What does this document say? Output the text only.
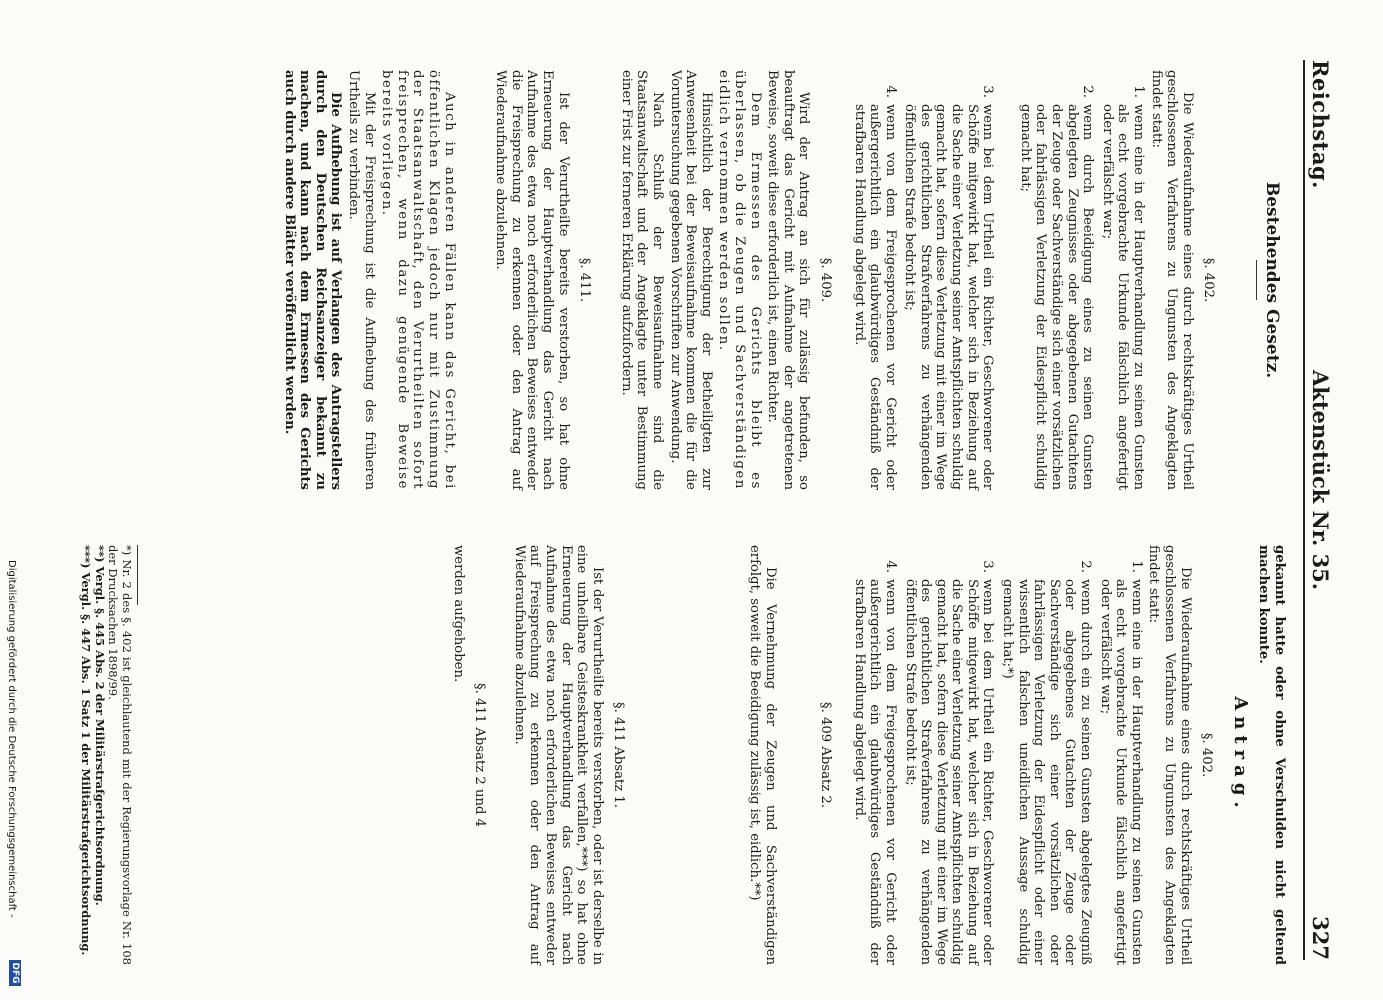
Reichstag.
Aktenstück Nr. 35.
327
Bestehendes Gesetz.
§. 402.

Die Wiederaufnahme eines durch rechtskräftiges Urtheil geschlossenen Verfahrens zu Ungunsten des Angeklagten findet statt:

1.
wenn eine in der Hauptverhandlung zu seinen Gunsten als echt vorgebrachte Urkunde fälschlich angefertigt oder verfälscht war;
2.
wenn durch Beeidigung eines zu seinen Gunsten abgelegten Zeugnisses oder abgegebenen Gutachtens der Zeuge oder Sachverständige sich einer vorsätzlichen oder fahrlässigen Verletzung der Eidespflicht schuldig gemacht hat;
3.
wenn bei dem Urtheil ein Richter, Geschworener oder Schöffe mitgewirkt hat, welcher sich in Beziehung auf die Sache einer Verletzung seiner Amtspflichten schuldig gemacht hat, sofern diese Verletzung mit einer im Wege des gerichtlichen Strafverfahrens zu verhängenden öffentlichen Strafe bedroht ist;
4.
wenn von dem Freigesprochenen vor Gericht oder außergerichtlich ein glaubwürdiges Geständniß der strafbaren Handlung abgelegt wird.
§. 409.

Wird der Antrag an sich für zulässig befunden, so beauftragt das Gericht mit Aufnahme der angetretenen Beweise, soweit diese erforderlich ist, einen Richter.

Dem Ermessen des Gerichts bleibt es überlassen, ob die Zeugen und Sachverständigen eidlich vernommen werden sollen.

Hinsichtlich der Berechtigung der Betheiligten zur Anwesenheit bei der Beweisaufnahme kommen die für die Voruntersuchung gegebenen Vorschriften zur Anwendung.

Nach Schluß der Beweisaufnahme sind die Staatsanwaltschaft und der Angeklagte unter Bestimmung einer Frist zur ferneren Erklärung aufzufordern.

§. 411.

Ist der Verurtheilte bereits verstorben, so hat ohne Erneuerung der Hauptverhandlung das Gericht nach Aufnahme des etwa noch erforderlichen Beweises entweder die Freisprechung zu erkennen oder den Antrag auf Wiederaufnahme abzulehnen.

Auch in anderen Fällen kann das Gericht, bei öffentlichen Klagen jedoch nur mit Zustimmung der Staatsanwaltschaft, den Verurtheilten sofort freisprechen, wenn dazu genügende Beweise bereits vorliegen.

Mit der Freisprechung ist die Aufhebung des früheren Urtheils zu verbinden.

Die Aufhebung ist auf Verlangen des Antragstellers durch den Deutschen Reichsanzeiger bekannt zu machen, und kann nach dem Ermessen des Gerichts auch durch andere Blätter veröffentlicht werden.

gekannt hatte oder ohne Verschulden nicht geltend machen konnte.

Antrag.
§. 402.

Die Wiederaufnahme eines durch rechtskräftiges Urtheil geschlossenen Verfahrens zu Ungunsten des Angeklagten findet statt:

1.
wenn eine in der Hauptverhandlung zu seinen Gunsten als echt vorgebrachte Urkunde fälschlich angefertigt oder verfälscht war;
2.
wenn durch ein zu seinen Gunsten abgelegtes Zeugniß oder abgegebenes Gutachten der Zeuge oder Sachverständige sich einer vorsätzlichen oder fahrlässigen Verletzung der Eidespflicht oder einer wissentlich falschen uneidlichen Aussage schuldig gemacht hat;*)
3.
wenn bei dem Urtheil ein Richter, Geschworener oder Schöffe mitgewirkt hat, welcher sich in Beziehung auf die Sache einer Verletzung seiner Amtspflichten schuldig gemacht hat, sofern diese Verletzung mit einer im Wege des gerichtlichen Strafverfahrens zu verhängenden öffentlichen Strafe bedroht ist;
4.
wenn von dem Freigesprochenen vor Gericht oder außergerichtlich ein glaubwürdiges Geständniß der strafbaren Handlung abgelegt wird.
§. 409 Absatz 2.

Die Vernehmung der Zeugen und Sachverständigen erfolgt, soweit die Beeidigung zulässig ist, eidlich.**)

§. 411 Absatz 1.

Ist der Verurtheilte bereits verstorben, oder ist derselbe in eine unheilbare Geisteskrankheit verfallen,***) so hat ohne Erneuerung der Hauptverhandlung das Gericht nach Aufnahme des etwa noch erforderlichen Beweises entweder auf Freisprechung zu erkennen oder den Antrag auf Wiederaufnahme abzulehnen.

§. 411 Absatz 2 und 4

werden aufgehoben.

*) Nr. 2 des §. 402 ist gleichlautend mit der Regierungsvorlage Nr. 108 der Drucksachen 1898/99.

**) Vergl. §. 445 Abs. 2 der Militärstrafgerichtsordnung.

***) Vergl. §. 447 Abs. 1 Satz 1 der Militärstrafgerichtsordnung.

Digitalisierung gefördert durch die Deutsche Forschungsgemeinschaft -
DFG
